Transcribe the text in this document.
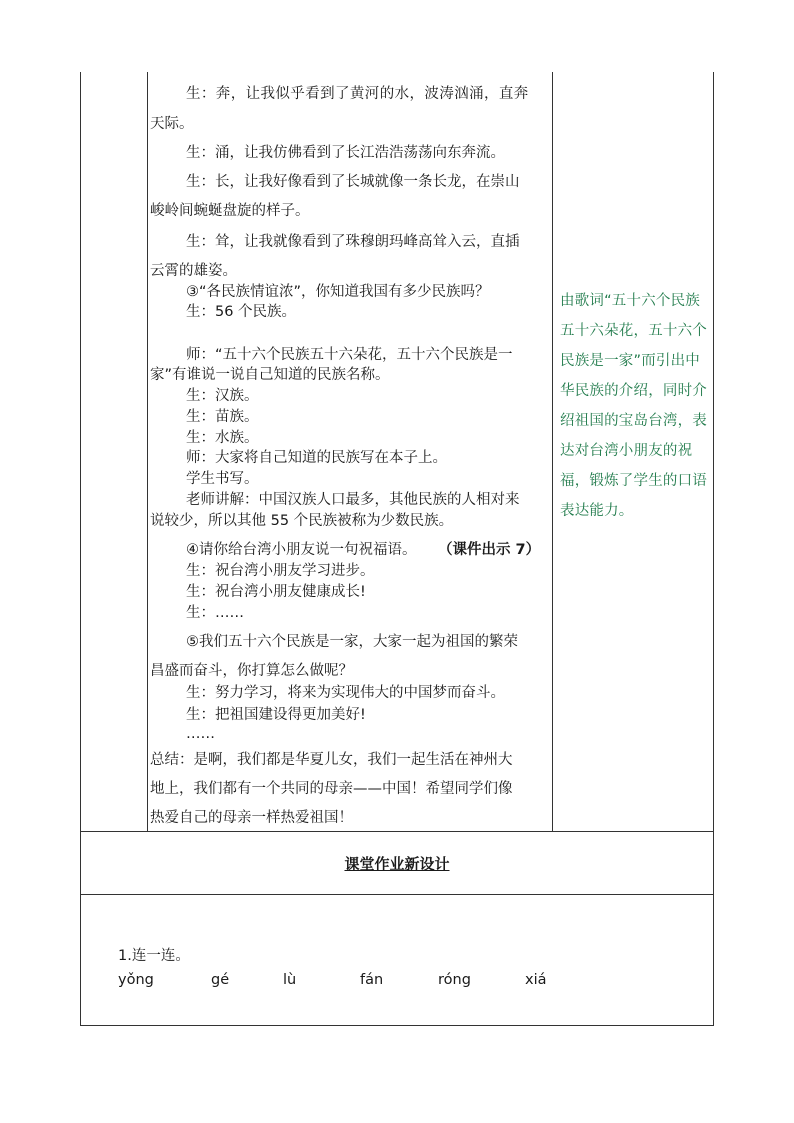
生：奔，让我似乎看到了黄河的水，波涛汹涌，直奔
天际。
生：涌，让我仿佛看到了长江浩浩荡荡向东奔流。
生：长，让我好像看到了长城就像一条长龙，在崇山
峻岭间蜿蜒盘旋的样子。
生：耸，让我就像看到了珠穆朗玛峰高耸入云，直插
云霄的雄姿。
③“各民族情谊浓”，你知道我国有多少民族吗？
生：56 个民族。
师：“五十六个民族五十六朵花，五十六个民族是一
家”有谁说一说自己知道的民族名称。
生：汉族。
生：苗族。
生：水族。
师：大家将自己知道的民族写在本子上。
学生书写。
老师讲解：中国汉族人口最多，其他民族的人相对来
说较少，所以其他 55 个民族被称为少数民族。
④请你给台湾小朋友说一句祝福语。 （课件出示 7）
生：祝台湾小朋友学习进步。
生：祝台湾小朋友健康成长!
生：……
⑤我们五十六个民族是一家，大家一起为祖国的繁荣
昌盛而奋斗，你打算怎么做呢？
生：努力学习，将来为实现伟大的中国梦而奋斗。
生：把祖国建设得更加美好!
……
总结：是啊，我们都是华夏儿女，我们一起生活在神州大
地上，我们都有一个共同的母亲——中国！希望同学们像
热爱自己的母亲一样热爱祖国！
由歌词“五十六个民族
五十六朵花，五十六个
民族是一家”而引出中
华民族的介绍，同时介
绍祖国的宝岛台湾，表
达对台湾小朋友的祝
福，锻炼了学生的口语
表达能力。
课堂作业新设计
1.连一连。
yǒng	gé	lù	fán	róng	xiá
